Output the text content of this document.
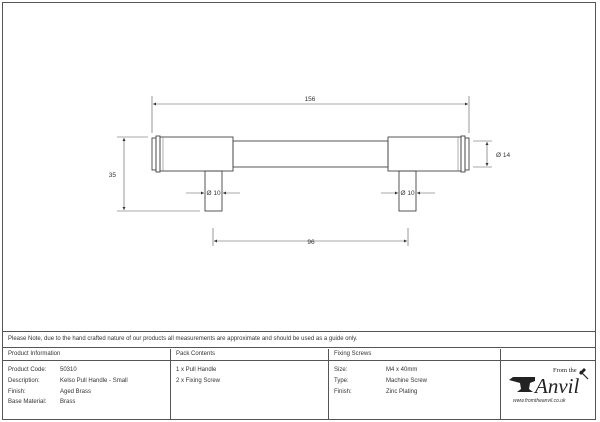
156
35
Ø 14
Ø 10	Ø 10
96
Please Note, due to the hand crafted nature of our products all measurements are approximate and should be used as a guide only.
Product Information	Pack Contents	Fixing Screws
Product Code: 50310
Description:	Kelso Pull Handle - Small
Finish:	Aged Brass
Base Material: Brass
1 x Pull Handle
2 x Fixing Screw
Size:	M4 x 40mm
Type:	Machine Screw
Finish:	Zinc Plating
From the
Anvil
www.fromtheanvil.co.uk
